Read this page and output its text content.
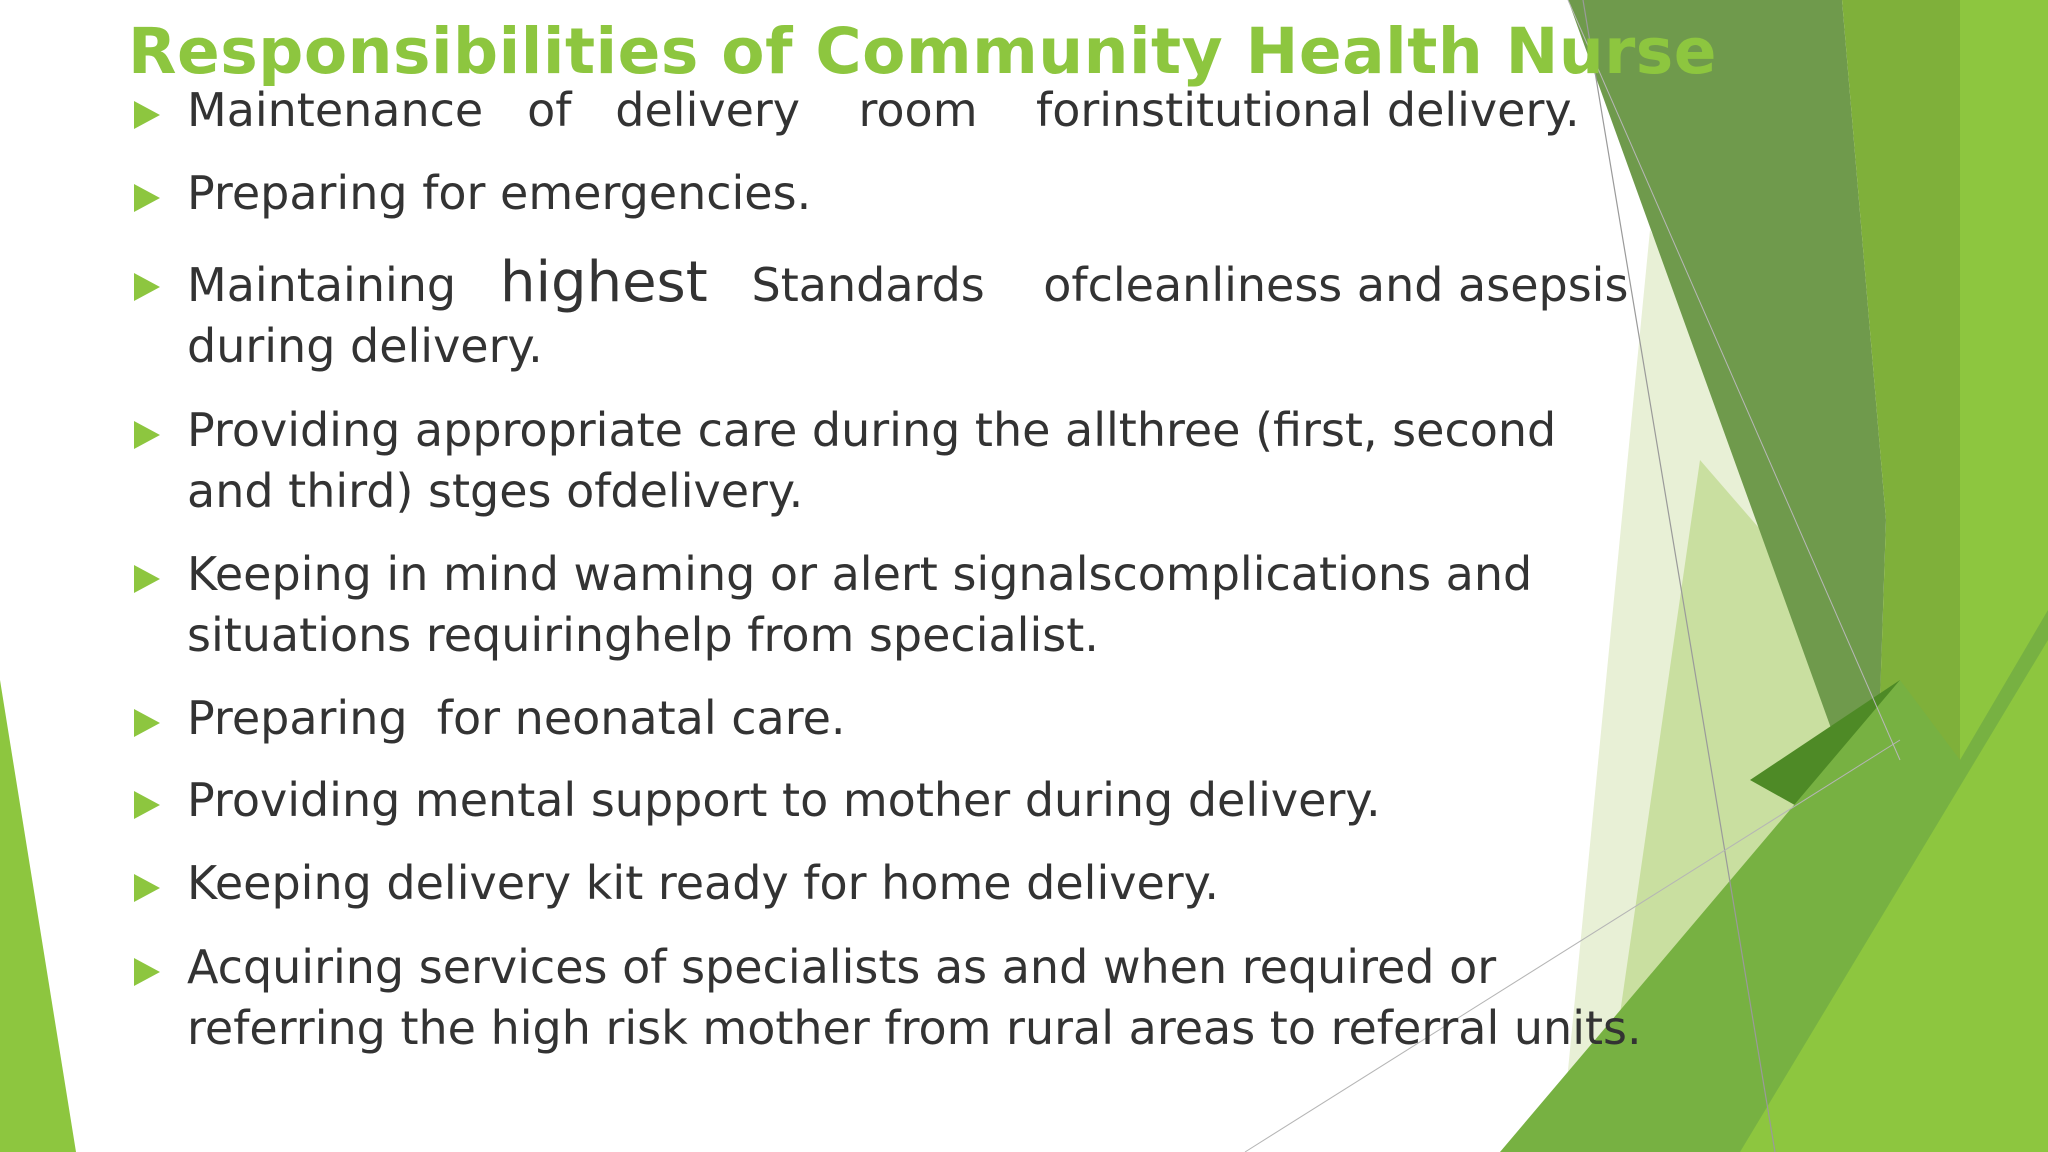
Responsibilities of Community Health Nurse
Maintenance   of   delivery    room    forinstitutional delivery.
Preparing for emergencies.
Maintaining   highest   Standards    ofcleanliness and asepsis during delivery.
Providing appropriate care during the allthree (first, second and third) stges ofdelivery.
Keeping in mind waming or alert signalscomplications and situations requiringhelp from specialist.
Preparing  for neonatal care.
Providing mental support to mother during delivery.
Keeping delivery kit ready for home delivery.
Acquiring services of specialists as and when required or referring the high risk mother from rural areas to referral units.
